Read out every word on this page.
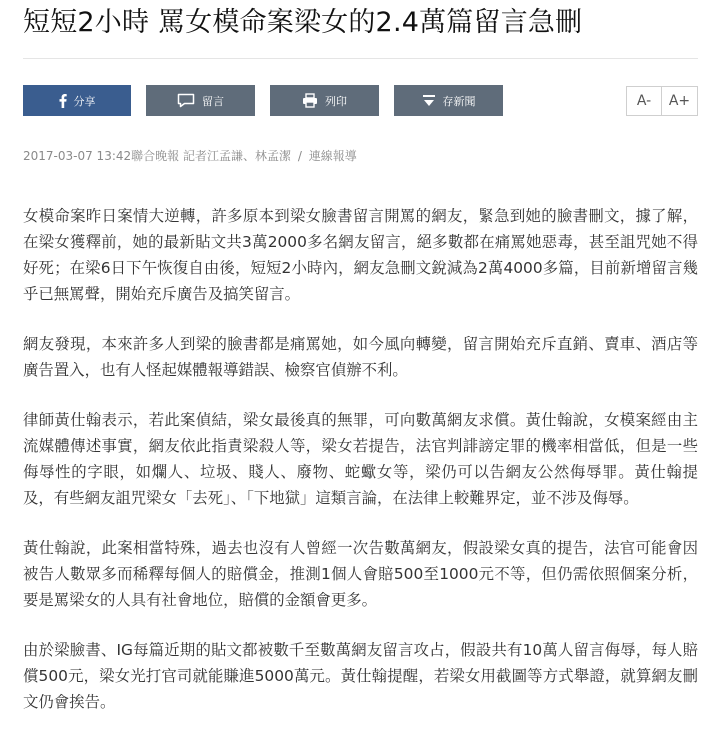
短短2小時 罵女模命案梁女的2.4萬篇留言急刪
分享	留言	列印	存新聞	A-	A+
2017-03-07 13:42聯合晚報 記者江孟謙、林孟潔 / 連線報導

女模命案昨日案情大逆轉，許多原本到梁女臉書留言開罵的網友，緊急到她的臉書刪文，據了解，在梁女獲釋前，她的最新貼文共3萬2000多名網友留言，絕多數都在痛罵她惡毒，甚至詛咒她不得好死；在梁6日下午恢復自由後，短短2小時內，網友急刪文銳減為2萬4000多篇，目前新增留言幾乎已無罵聲，開始充斥廣告及搞笑留言。

網友發現，本來許多人到梁的臉書都是痛罵她，如今風向轉變，留言開始充斥直銷、賣車、酒店等廣告置入，也有人怪起媒體報導錯誤、檢察官偵辦不利。

律師黃仕翰表示，若此案偵結，梁女最後真的無罪，可向數萬網友求償。黃仕翰說，女模案經由主流媒體傳述事實，網友依此指責梁殺人等，梁女若提告，法官判誹謗定罪的機率相當低，但是一些侮辱性的字眼，如爛人、垃圾、賤人、廢物、蛇蠍女等，梁仍可以告網友公然侮辱罪。黃仕翰提及，有些網友詛咒梁女「去死」、「下地獄」這類言論，在法律上較難界定，並不涉及侮辱。

黃仕翰說，此案相當特殊，過去也沒有人曾經一次告數萬網友，假設梁女真的提告，法官可能會因被告人數眾多而稀釋每個人的賠償金，推測1個人會賠500至1000元不等，但仍需依照個案分析，要是罵梁女的人具有社會地位，賠償的金額會更多。

由於梁臉書、IG每篇近期的貼文都被數千至數萬網友留言攻占，假設共有10萬人留言侮辱，每人賠償500元，梁女光打官司就能賺進5000萬元。黃仕翰提醒，若梁女用截圖等方式舉證，就算網友刪文仍會挨告。
